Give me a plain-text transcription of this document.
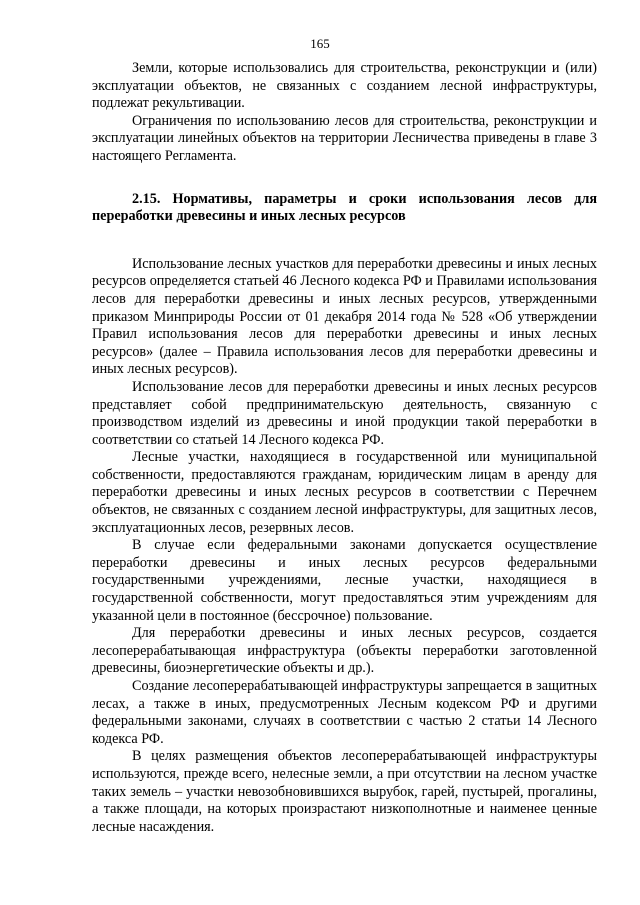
165

Земли, которые использовались для строительства, реконструкции и (или) эксплуатации объектов, не связанных с созданием лесной инфраструктуры, подлежат рекультивации.

Ограничения по использованию лесов для строительства, реконструкции и эксплуатации линейных объектов на территории Лесничества приведены в главе 3 настоящего Регламента.

2.15. Нормативы, параметры и сроки использования лесов для переработки древесины и иных лесных ресурсов

Использование лесных участков для переработки древесины и иных лесных ресурсов определяется статьей 46 Лесного кодекса РФ и Правилами использования лесов для переработки древесины и иных лесных ресурсов, утвержденными приказом Минприроды России от 01 декабря 2014 года № 528 «Об утверждении Правил использования лесов для переработки древесины и иных лесных ресурсов» (далее – Правила использования лесов для переработки древесины и иных лесных ресурсов).

Использование лесов для переработки древесины и иных лесных ресурсов представляет собой предпринимательскую деятельность, связанную с производством изделий из древесины и иной продукции такой переработки в соответствии со статьей 14 Лесного кодекса РФ.

Лесные участки, находящиеся в государственной или муниципальной собственности, предоставляются гражданам, юридическим лицам в аренду для переработки древесины и иных лесных ресурсов в соответствии с Перечнем объектов, не связанных с созданием лесной инфраструктуры, для защитных лесов, эксплуатационных лесов, резервных лесов.

В случае если федеральными законами допускается осуществление переработки древесины и иных лесных ресурсов федеральными государственными учреждениями, лесные участки, находящиеся в государственной собственности, могут предоставляться этим учреждениям для указанной цели в постоянное (бессрочное) пользование.

Для переработки древесины и иных лесных ресурсов, создается лесоперерабатывающая инфраструктура (объекты переработки заготовленной древесины, биоэнергетические объекты и др.).

Создание лесоперерабатывающей инфраструктуры запрещается в защитных лесах, а также в иных, предусмотренных Лесным кодексом РФ и другими федеральными законами, случаях в соответствии с частью 2 статьи 14 Лесного кодекса РФ.

В целях размещения объектов лесоперерабатывающей инфраструктуры используются, прежде всего, нелесные земли, а при отсутствии на лесном участке таких земель – участки невозобновившихся вырубок, гарей, пустырей, прогалины, а также площади, на которых произрастают низкополнотные и наименее ценные лесные насаждения.
